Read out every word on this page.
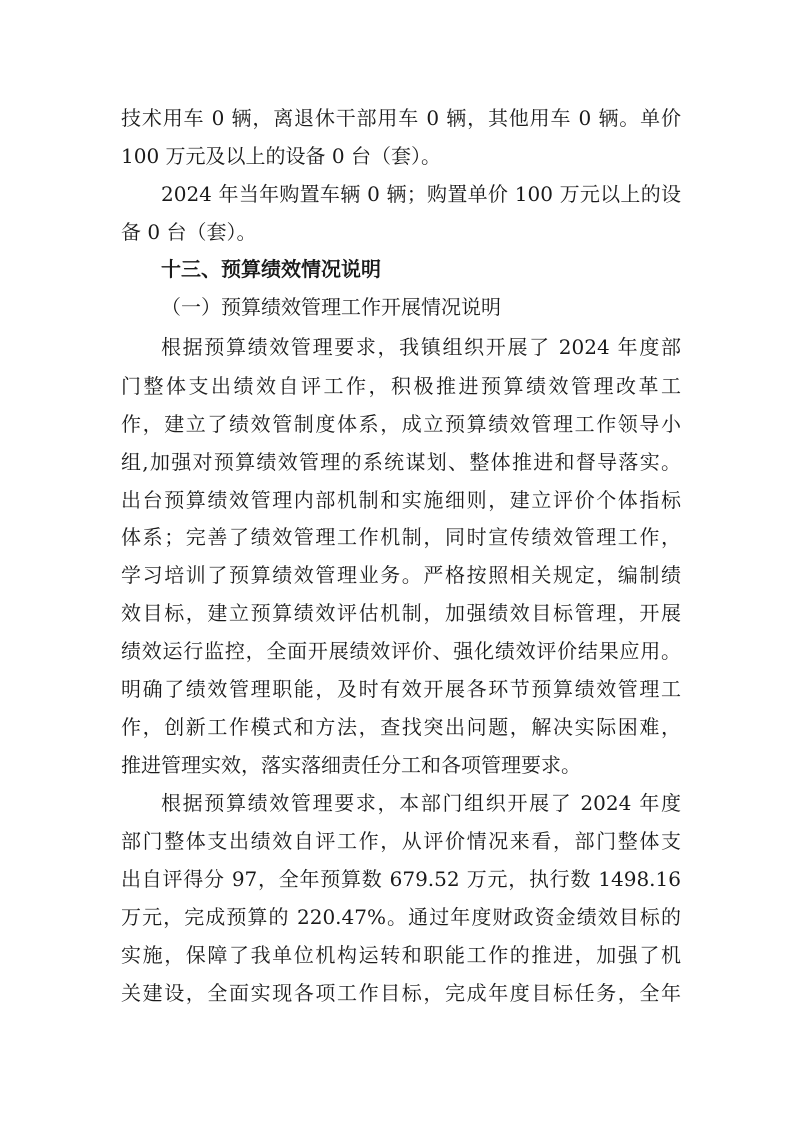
技术用车 0 辆，离退休干部用车 0 辆，其他用车 0 辆。单价
100 万元及以上的设备 0 台（套）。
2024 年当年购置车辆 0 辆；购置单价 100 万元以上的设
备 0 台（套）。
十三、预算绩效情况说明
（一）预算绩效管理工作开展情况说明
根据预算绩效管理要求，我镇组织开展了 2024 年度部
门整体支出绩效自评工作，积极推进预算绩效管理改革工
作，建立了绩效管制度体系，成立预算绩效管理工作领导小
组,加强对预算绩效管理的系统谋划、整体推进和督导落实。
出台预算绩效管理内部机制和实施细则，建立评价个体指标
体系；完善了绩效管理工作机制，同时宣传绩效管理工作，
学习培训了预算绩效管理业务。严格按照相关规定，编制绩
效目标，建立预算绩效评估机制，加强绩效目标管理，开展
绩效运行监控，全面开展绩效评价、强化绩效评价结果应用。
明确了绩效管理职能，及时有效开展各环节预算绩效管理工
作，创新工作模式和方法，查找突出问题，解决实际困难，
推进管理实效，落实落细责任分工和各项管理要求。
根据预算绩效管理要求，本部门组织开展了 2024 年度
部门整体支出绩效自评工作，从评价情况来看，部门整体支
出自评得分 97，全年预算数 679.52 万元，执行数 1498.16
万元，完成预算的 220.47%。通过年度财政资金绩效目标的
实施，保障了我单位机构运转和职能工作的推进，加强了机
关建设，全面实现各项工作目标，完成年度目标任务，全年
